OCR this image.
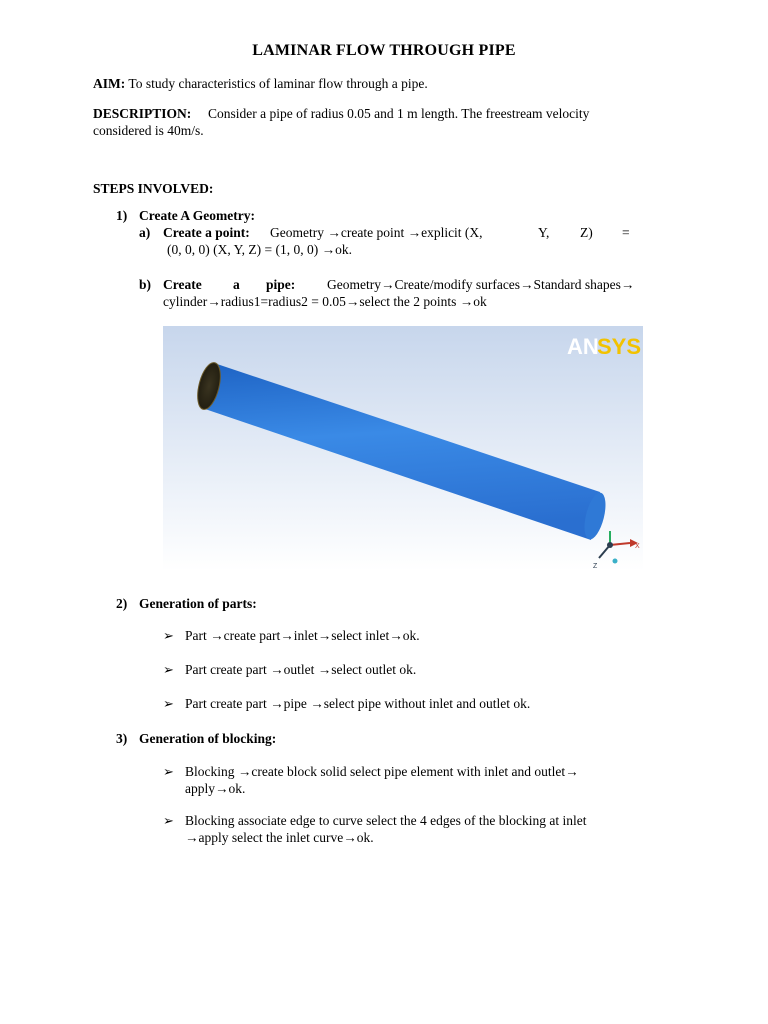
LAMINAR FLOW THROUGH PIPE
AIM: To study characteristics of laminar flow through a pipe.
DESCRIPTION: Consider a pipe of radius 0.05 and 1 m length. The freestream velocity
considered is 40m/s.
STEPS INVOLVED:
1) Create A Geometry:
a) Create a point: Geometry →create point →explicit (X,	Y, Z) =
(0, 0, 0) (X, Y, Z) = (1, 0, 0) →ok.
b) Create a pipe: Geometry→Create/modify surfaces→Standard shapes→
cylinder→radius1=radius2 = 0.05→select the 2 points →ok
AN
SYS
X
Z
2) Generation of parts:
➢ Part →create part→inlet→select inlet→ok.
➢ Part create part →outlet →select outlet ok.
➢ Part create part →pipe →select pipe without inlet and outlet ok.
3) Generation of blocking:
➢ Blocking →create block solid select pipe element with inlet and outlet→
apply→ok.
➢ Blocking associate edge to curve select the 4 edges of the blocking at inlet
→apply select the inlet curve→ok.
